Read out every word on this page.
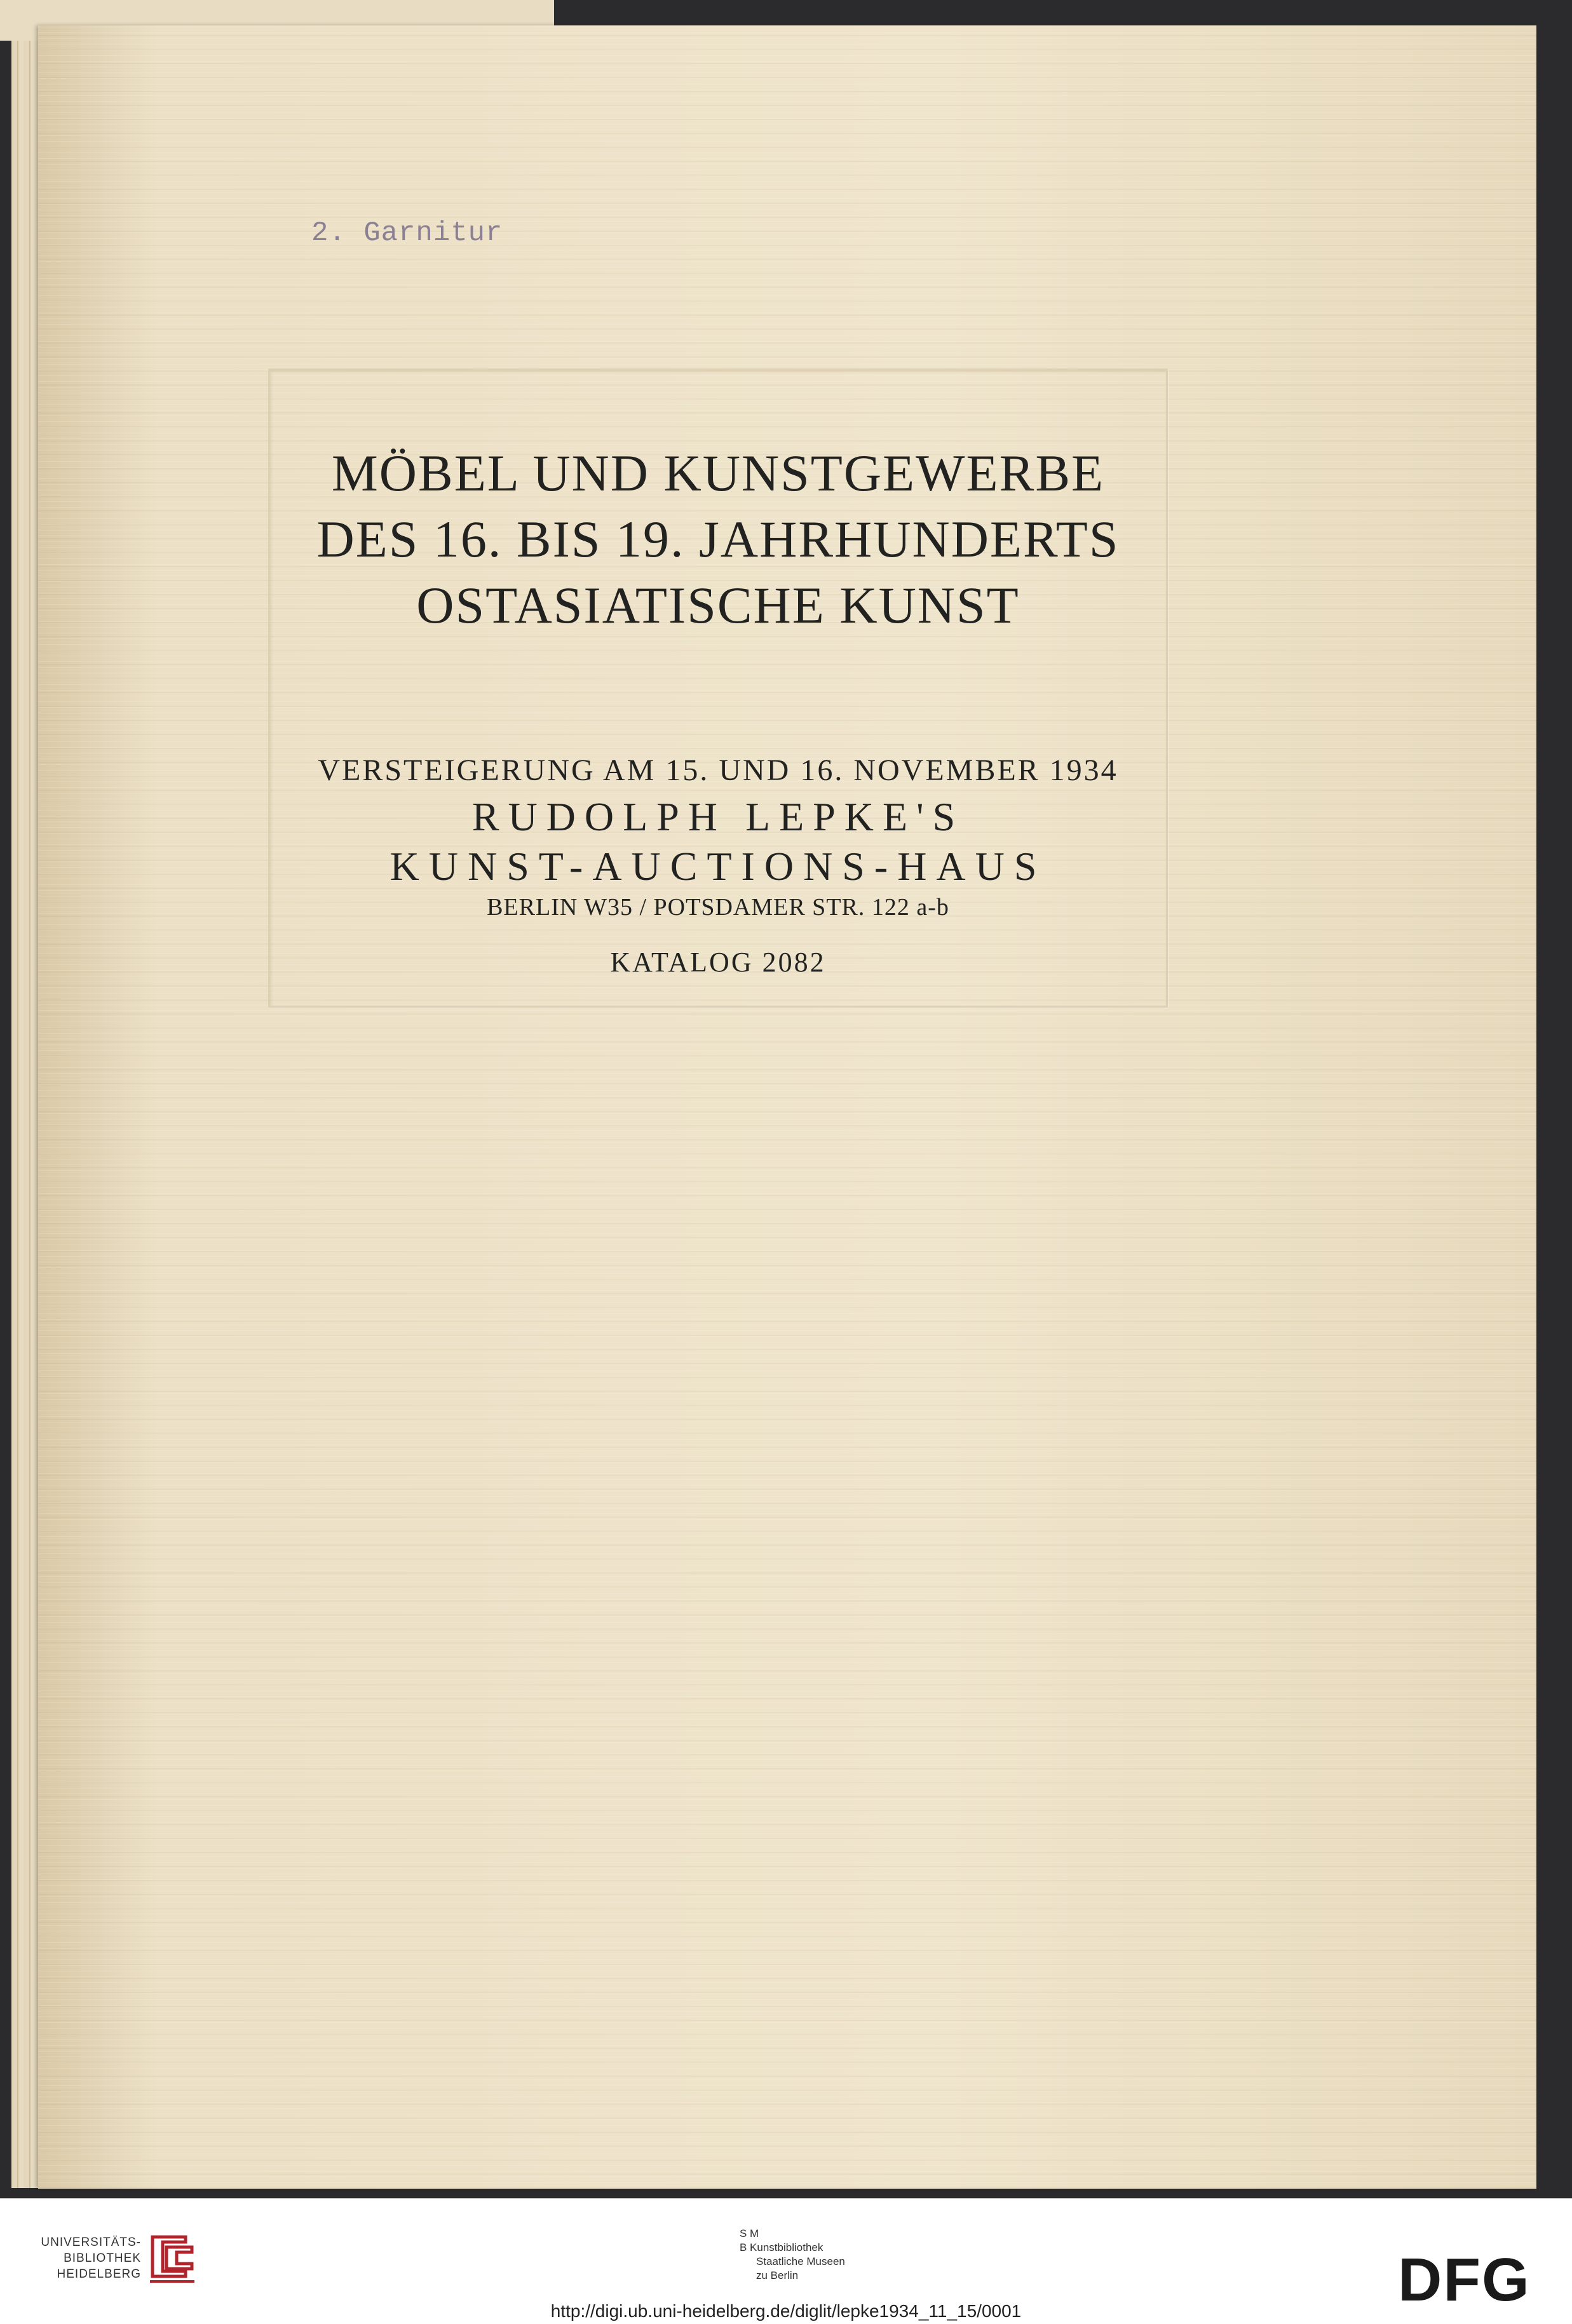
2. Garnitur
MÖBEL UND KUNSTGEWERBE
DES 16. BIS 19. JAHRHUNDERTS
OSTASIATISCHE KUNST
VERSTEIGERUNG AM 15. UND 16. NOVEMBER 1934
RUDOLPH LEPKE'S
KUNST-AUCTIONS-HAUS
BERLIN W35 / POTSDAMER STR. 122 a-b
KATALOG 2082
UNIVERSITÄTS-
BIBLIOTHEK
HEIDELBERG
S M
B Kunstbibliothek
Staatliche Museen
zu Berlin	DFG
http://digi.ub.uni-heidelberg.de/diglit/lepke1934_11_15/0001
